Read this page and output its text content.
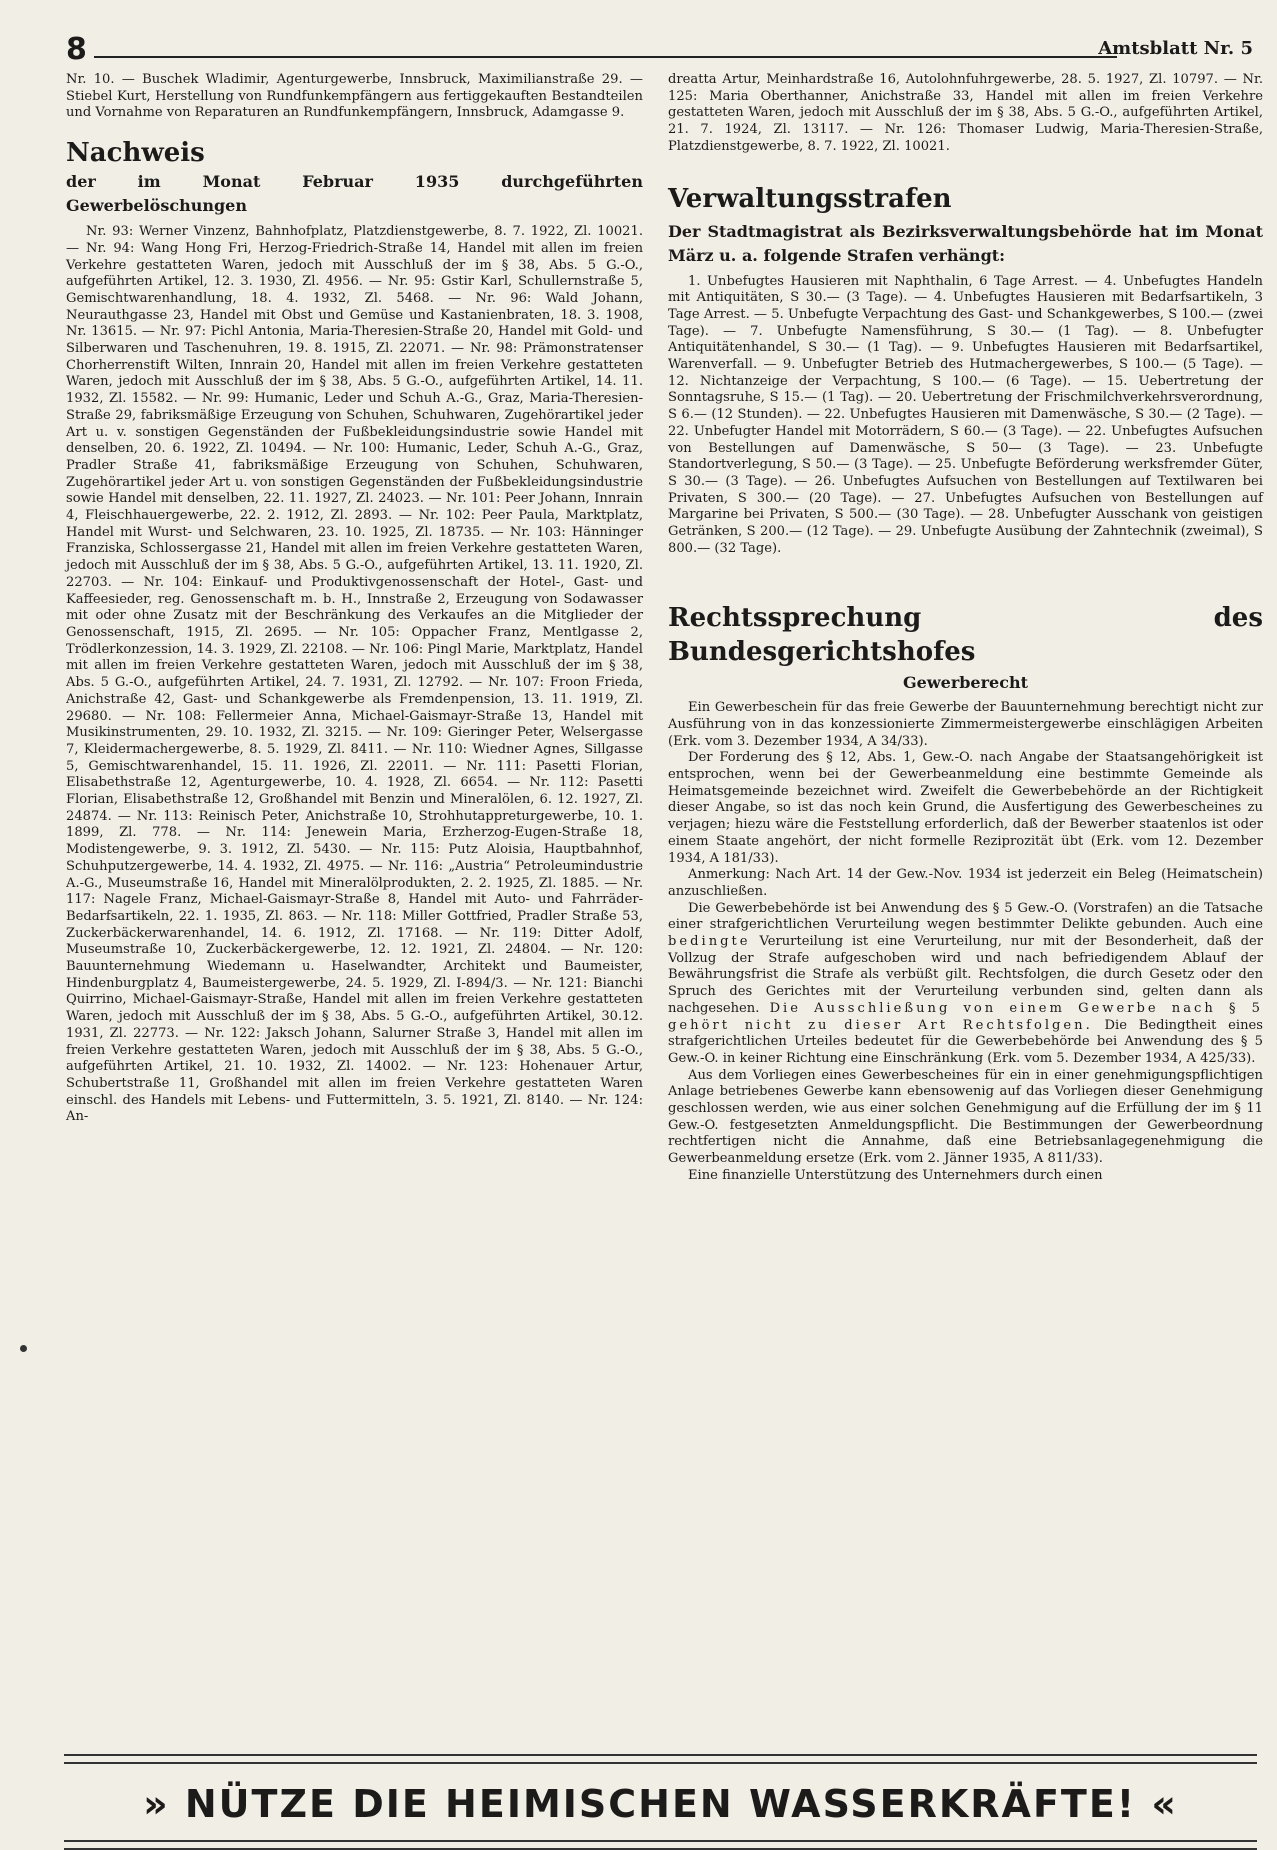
8	Amtsblatt Nr. 5

Nr. 10. — Buschek Wladimir, Agenturgewerbe, Innsbruck, Maximilianstraße 29. — Stiebel Kurt, Herstellung von Rundfunkempfängern aus fertiggekauften Bestandteilen und Vornahme von Reparaturen an Rundfunkempfängern, Innsbruck, Adamgasse 9.

Nachweis
der im Monat Februar 1935 durchgeführten Gewerbelöschungen

Nr. 93: Werner Vinzenz, Bahnhofplatz, Platzdienstgewerbe, 8. 7. 1922, Zl. 10021. — Nr. 94: Wang Hong Fri, Herzog-Friedrich-Straße 14, Handel mit allen im freien Verkehre gestatteten Waren, jedoch mit Ausschluß der im § 38, Abs. 5 G.-O., aufgeführten Artikel, 12. 3. 1930, Zl. 4956. — Nr. 95: Gstir Karl, Schullernstraße 5, Gemischtwarenhandlung, 18. 4. 1932, Zl. 5468. — Nr. 96: Wald Johann, Neurauthgasse 23, Handel mit Obst und Gemüse und Kastanienbraten, 18. 3. 1908, Nr. 13615. — Nr. 97: Pichl Antonia, Maria-Theresien-Straße 20, Handel mit Gold- und Silberwaren und Taschenuhren, 19. 8. 1915, Zl. 22071. — Nr. 98: Prämonstratenser Chorherrenstift Wilten, Innrain 20, Handel mit allen im freien Verkehre gestatteten Waren, jedoch mit Ausschluß der im § 38, Abs. 5 G.-O., aufgeführten Artikel, 14. 11. 1932, Zl. 15582. — Nr. 99: Humanic, Leder und Schuh A.-G., Graz, Maria-Theresien-Straße 29, fabriksmäßige Erzeugung von Schuhen, Schuhwaren, Zugehörartikel jeder Art u. v. sonstigen Gegenständen der Fußbekleidungsindustrie sowie Handel mit denselben, 20. 6. 1922, Zl. 10494. — Nr. 100: Humanic, Leder, Schuh A.-G., Graz, Pradler Straße 41, fabriksmäßige Erzeugung von Schuhen, Schuhwaren, Zugehörartikel jeder Art u. von sonstigen Gegenständen der Fußbekleidungsindustrie sowie Handel mit denselben, 22. 11. 1927, Zl. 24023. — Nr. 101: Peer Johann, Innrain 4, Fleischhauergewerbe, 22. 2. 1912, Zl. 2893. — Nr. 102: Peer Paula, Marktplatz, Handel mit Wurst- und Selchwaren, 23. 10. 1925, Zl. 18735. — Nr. 103: Hänninger Franziska, Schlossergasse 21, Handel mit allen im freien Verkehre gestatteten Waren, jedoch mit Ausschluß der im § 38, Abs. 5 G.-O., aufgeführten Artikel, 13. 11. 1920, Zl. 22703. — Nr. 104: Einkauf- und Produktivgenossenschaft der Hotel-, Gast- und Kaffeesieder, reg. Genossenschaft m. b. H., Innstraße 2, Erzeugung von Sodawasser mit oder ohne Zusatz mit der Beschränkung des Verkaufes an die Mitglieder der Genossenschaft, 1915, Zl. 2695. — Nr. 105: Oppacher Franz, Mentlgasse 2, Trödlerkonzession, 14. 3. 1929, Zl. 22108. — Nr. 106: Pingl Marie, Marktplatz, Handel mit allen im freien Verkehre gestatteten Waren, jedoch mit Ausschluß der im § 38, Abs. 5 G.-O., aufgeführten Artikel, 24. 7. 1931, Zl. 12792. — Nr. 107: Froon Frieda, Anichstraße 42, Gast- und Schankgewerbe als Fremdenpension, 13. 11. 1919, Zl. 29680. — Nr. 108: Fellermeier Anna, Michael-Gaismayr-Straße 13, Handel mit Musikinstrumenten, 29. 10. 1932, Zl. 3215. — Nr. 109: Gieringer Peter, Welsergasse 7, Kleidermachergewerbe, 8. 5. 1929, Zl. 8411. — Nr. 110: Wiedner Agnes, Sillgasse 5, Gemischtwarenhandel, 15. 11. 1926, Zl. 22011. — Nr. 111: Pasetti Florian, Elisabethstraße 12, Agenturgewerbe, 10. 4. 1928, Zl. 6654. — Nr. 112: Pasetti Florian, Elisabethstraße 12, Großhandel mit Benzin und Mineralölen, 6. 12. 1927, Zl. 24874. — Nr. 113: Reinisch Peter, Anichstraße 10, Strohhutappreturgewerbe, 10. 1. 1899, Zl. 778. — Nr. 114: Jenewein Maria, Erzherzog-Eugen-Straße 18, Modistengewerbe, 9. 3. 1912, Zl. 5430. — Nr. 115: Putz Aloisia, Hauptbahnhof, Schuhputzergewerbe, 14. 4. 1932, Zl. 4975. — Nr. 116: „Austria“ Petroleumindustrie A.-G., Museumstraße 16, Handel mit Mineralölprodukten, 2. 2. 1925, Zl. 1885. — Nr. 117: Nagele Franz, Michael-Gaismayr-Straße 8, Handel mit Auto- und Fahrräder-Bedarfsartikeln, 22. 1. 1935, Zl. 863. — Nr. 118: Miller Gottfried, Pradler Straße 53, Zuckerbäckerwarenhandel, 14. 6. 1912, Zl. 17168. — Nr. 119: Ditter Adolf, Museumstraße 10, Zuckerbäckergewerbe, 12. 12. 1921, Zl. 24804. — Nr. 120: Bauunternehmung Wiedemann u. Haselwandter, Architekt und Baumeister, Hindenburgplatz 4, Baumeistergewerbe, 24. 5. 1929, Zl. I-894/3. — Nr. 121: Bianchi Quirrino, Michael-Gaismayr-Straße, Handel mit allen im freien Verkehre gestatteten Waren, jedoch mit Ausschluß der im § 38, Abs. 5 G.-O., aufgeführten Artikel, 30.12. 1931, Zl. 22773. — Nr. 122: Jaksch Johann, Salurner Straße 3, Handel mit allen im freien Verkehre gestatteten Waren, jedoch mit Ausschluß der im § 38, Abs. 5 G.-O., aufgeführten Artikel, 21. 10. 1932, Zl. 14002. — Nr. 123: Hohenauer Artur, Schubertstraße 11, Großhandel mit allen im freien Verkehre gestatteten Waren einschl. des Handels mit Lebens- und Futtermitteln, 3. 5. 1921, Zl. 8140. — Nr. 124: An-

dreatta Artur, Meinhardstraße 16, Autolohnfuhrgewerbe, 28. 5. 1927, Zl. 10797. — Nr. 125: Maria Oberthanner, Anichstraße 33, Handel mit allen im freien Verkehre gestatteten Waren, jedoch mit Ausschluß der im § 38, Abs. 5 G.-O., aufgeführten Artikel, 21. 7. 1924, Zl. 13117. — Nr. 126: Thomaser Ludwig, Maria-Theresien-Straße, Platzdienstgewerbe, 8. 7. 1922, Zl. 10021.

Verwaltungsstrafen
Der Stadtmagistrat als Bezirksverwaltungsbehörde hat im Monat März u. a. folgende Strafen verhängt:

1. Unbefugtes Hausieren mit Naphthalin, 6 Tage Arrest. — 4. Unbefugtes Handeln mit Antiquitäten, S 30.— (3 Tage). — 4. Unbefugtes Hausieren mit Bedarfsartikeln, 3 Tage Arrest. — 5. Unbefugte Verpachtung des Gast- und Schankgewerbes, S 100.— (zwei Tage). — 7. Unbefugte Namensführung, S 30.— (1 Tag). — 8. Unbefugter Antiquitätenhandel, S 30.— (1 Tag). — 9. Unbefugtes Hausieren mit Bedarfsartikel, Warenverfall. — 9. Unbefugter Betrieb des Hutmachergewerbes, S 100.— (5 Tage). — 12. Nichtanzeige der Verpachtung, S 100.— (6 Tage). — 15. Uebertretung der Sonntagsruhe, S 15.— (1 Tag). — 20. Uebertretung der Frischmilchverkehrsverordnung, S 6.— (12 Stunden). — 22. Unbefugtes Hausieren mit Damenwäsche, S 30.— (2 Tage). — 22. Unbefugter Handel mit Motorrädern, S 60.— (3 Tage). — 22. Unbefugtes Aufsuchen von Bestellungen auf Damenwäsche, S 50— (3 Tage). — 23. Unbefugte Standortverlegung, S 50.— (3 Tage). — 25. Unbefugte Beförderung werksfremder Güter, S 30.— (3 Tage). — 26. Unbefugtes Aufsuchen von Bestellungen auf Textilwaren bei Privaten, S 300.— (20 Tage). — 27. Unbefugtes Aufsuchen von Bestellungen auf Margarine bei Privaten, S 500.— (30 Tage). — 28. Unbefugter Ausschank von geistigen Getränken, S 200.— (12 Tage). — 29. Unbefugte Ausübung der Zahntechnik (zweimal), S 800.— (32 Tage).

Rechtssprechung des Bundesgerichtshofes
Gewerberecht

Ein Gewerbeschein für das freie Gewerbe der Bauunternehmung berechtigt nicht zur Ausführung von in das konzessionierte Zimmermeistergewerbe einschlägigen Arbeiten (Erk. vom 3. Dezember 1934, A 34/33).

Der Forderung des § 12, Abs. 1, Gew.-O. nach Angabe der Staatsangehörigkeit ist entsprochen, wenn bei der Gewerbeanmeldung eine bestimmte Gemeinde als Heimatsgemeinde bezeichnet wird. Zweifelt die Gewerbebehörde an der Richtigkeit dieser Angabe, so ist das noch kein Grund, die Ausfertigung des Gewerbescheines zu verjagen; hiezu wäre die Feststellung erforderlich, daß der Bewerber staatenlos ist oder einem Staate angehört, der nicht formelle Reziprozität übt (Erk. vom 12. Dezember 1934, A 181/33).

Anmerkung: Nach Art. 14 der Gew.-Nov. 1934 ist jederzeit ein Beleg (Heimatschein) anzuschließen.

Die Gewerbebehörde ist bei Anwendung des § 5 Gew.-O. (Vorstrafen) an die Tatsache einer strafgerichtlichen Verurteilung wegen bestimmter Delikte gebunden. Auch eine bedingte Verurteilung ist eine Verurteilung, nur mit der Besonderheit, daß der Vollzug der Strafe aufgeschoben wird und nach befriedigendem Ablauf der Bewährungsfrist die Strafe als verbüßt gilt. Rechtsfolgen, die durch Gesetz oder den Spruch des Gerichtes mit der Verurteilung verbunden sind, gelten dann als nachgesehen. Die Ausschließung von einem Gewerbe nach § 5 gehört nicht zu dieser Art Rechtsfolgen. Die Bedingtheit eines strafgerichtlichen Urteiles bedeutet für die Gewerbebehörde bei Anwendung des § 5 Gew.-O. in keiner Richtung eine Einschränkung (Erk. vom 5. Dezember 1934, A 425/33).

Aus dem Vorliegen eines Gewerbescheines für ein in einer genehmigungspflichtigen Anlage betriebenes Gewerbe kann ebensowenig auf das Vorliegen dieser Genehmigung geschlossen werden, wie aus einer solchen Genehmigung auf die Erfüllung der im § 11 Gew.-O. festgesetzten Anmeldungspflicht. Die Bestimmungen der Gewerbeordnung rechtfertigen nicht die Annahme, daß eine Betriebsanlagegenehmigung die Gewerbeanmeldung ersetze (Erk. vom 2. Jänner 1935, A 811/33).

Eine finanzielle Unterstützung des Unternehmers durch einen

» NÜTZE DIE HEIMISCHEN WASSERKRÄFTE! «
